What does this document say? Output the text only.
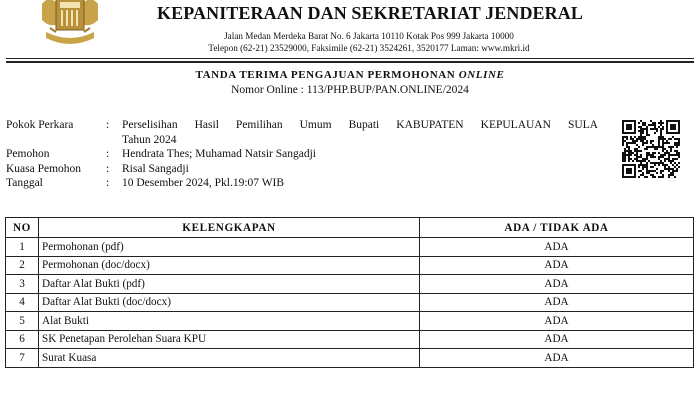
KEPANITERAAN DAN SEKRETARIAT JENDERAL
Jalan Medan Merdeka Barat No. 6 Jakarta 10110 Kotak Pos 999 Jakarta 10000
Telepon (62-21) 23529000, Faksimile (62-21) 3524261, 3520177 Laman: www.mkri.id
TANDA TERIMA PENGAJUAN PERMOHONAN ONLINE
Nomor Online : 113/PHP.BUP/PAN.ONLINE/2024
Pokok Perkara	:	Perselisihan Hasil Pemilihan Umum Bupati KABUPATEN KEPULAUAN SULA
Tahun 2024
Pemohon	:	Hendrata Thes; Muhamad Natsir Sangadji
Kuasa Pemohon	:	Risal Sangadji
Tanggal	:	10 Desember 2024, Pkl.19:07 WIB
NO	KELENGKAPAN	ADA / TIDAK ADA
1	Permohonan (pdf)	ADA
2	Permohonan (doc/docx)	ADA
3	Daftar Alat Bukti (pdf)	ADA
4	Daftar Alat Bukti (doc/docx)	ADA
5	Alat Bukti	ADA
6	SK Penetapan Perolehan Suara KPU	ADA
7	Surat Kuasa	ADA
